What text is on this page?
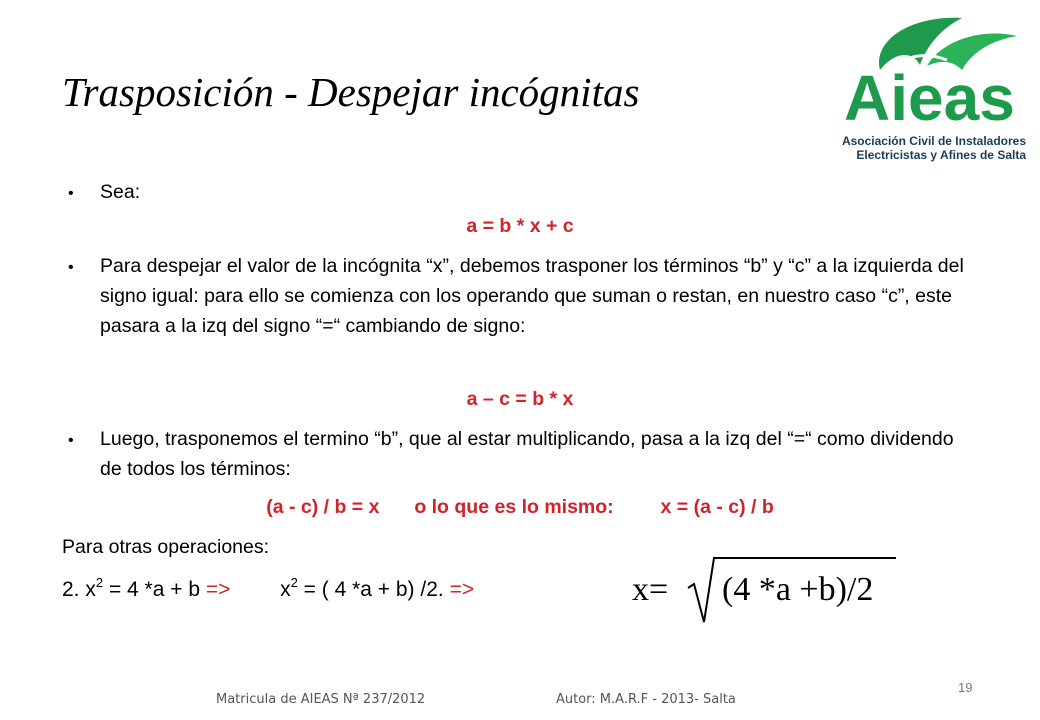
Trasposición - Despejar incógnitas	Aieas
Asociación Civil de Instaladores
Electricistas y Afines de Salta
• Sea:
a = b * x + c
• Para despejar el valor de la incógnita “x”, debemos trasponer los términos “b” y “c” a la izquierda del signo igual: para ello se comienza con los operando que suman o restan, en nuestro caso “c”, este pasara a la izq del signo “=“ cambiando de signo:
a – c = b * x
• Luego, trasponemos el termino “b”, que al estar multiplicando, pasa a la izq del “=“ como dividendo de todos los términos:
(a - c) / b = x o lo que es lo mismo: x = (a - c) / b
Para otras operaciones:
2. $x^2 = 4$ $*a + b => x^2$ = ( 4 *a + b) /2. =>	x= (4 *a +b)/2
Matricula de AIEAS Nª 237/2012	Autor: M.A.R.F - 2013- Salta
19
